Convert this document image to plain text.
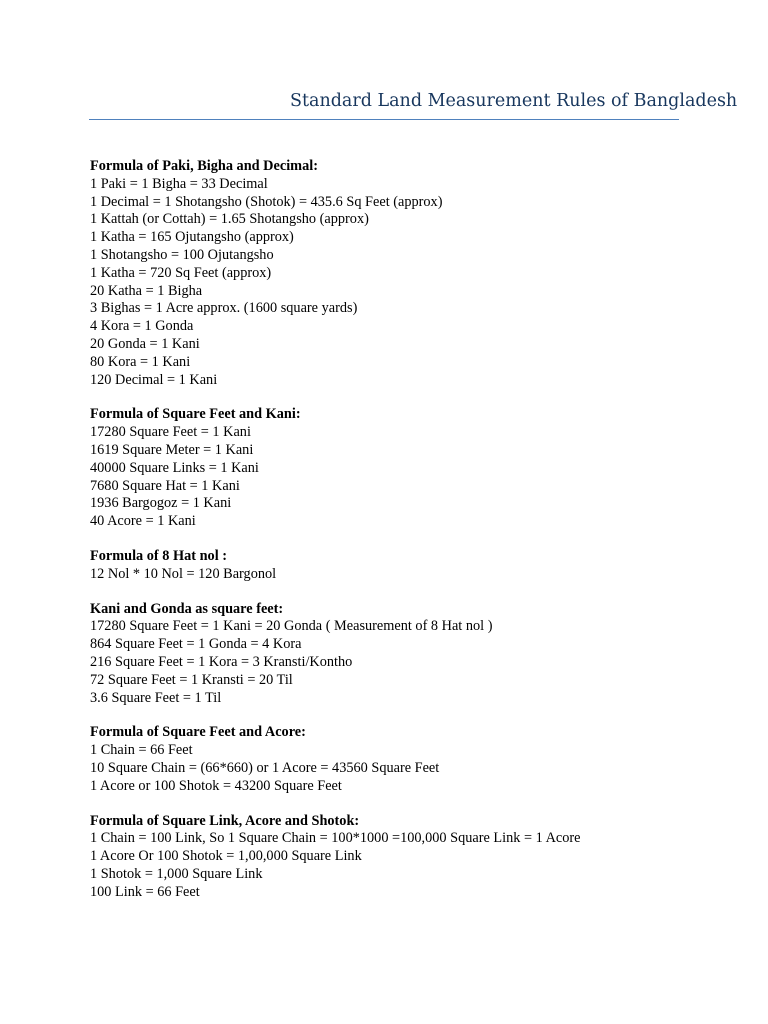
Standard Land Measurement Rules of Bangladesh
Formula of Paki, Bigha and Decimal:
1 Paki = 1 Bigha = 33 Decimal
1 Decimal = 1 Shotangsho (Shotok) = 435.6 Sq Feet (approx)
1 Kattah (or Cottah) = 1.65 Shotangsho (approx)
1 Katha = 165 Ojutangsho (approx)
1 Shotangsho = 100 Ojutangsho
1 Katha = 720 Sq Feet (approx)
20 Katha = 1 Bigha
3 Bighas = 1 Acre approx. (1600 square yards)
4 Kora = 1 Gonda
20 Gonda = 1 Kani
80 Kora = 1 Kani
120 Decimal = 1 Kani
Formula of Square Feet and Kani:
17280 Square Feet = 1 Kani
1619 Square Meter = 1 Kani
40000 Square Links = 1 Kani
7680 Square Hat = 1 Kani
1936 Bargogoz = 1 Kani
40 Acore = 1 Kani
Formula of 8 Hat nol :
12 Nol * 10 Nol = 120 Bargonol
Kani and Gonda as square feet:
17280 Square Feet = 1 Kani = 20 Gonda ( Measurement of 8 Hat nol )
864 Square Feet = 1 Gonda = 4 Kora
216 Square Feet = 1 Kora = 3 Kransti/Kontho
72 Square Feet = 1 Kransti = 20 Til
3.6 Square Feet = 1 Til
Formula of Square Feet and Acore:
1 Chain = 66 Feet
10 Square Chain = (66*660) or 1 Acore = 43560 Square Feet
1 Acore or 100 Shotok = 43200 Square Feet
Formula of Square Link, Acore and Shotok:
1 Chain = 100 Link, So 1 Square Chain = 100*1000 =100,000 Square Link = 1 Acore
1 Acore Or 100 Shotok = 1,00,000 Square Link
1 Shotok = 1,000 Square Link
100 Link = 66 Feet
